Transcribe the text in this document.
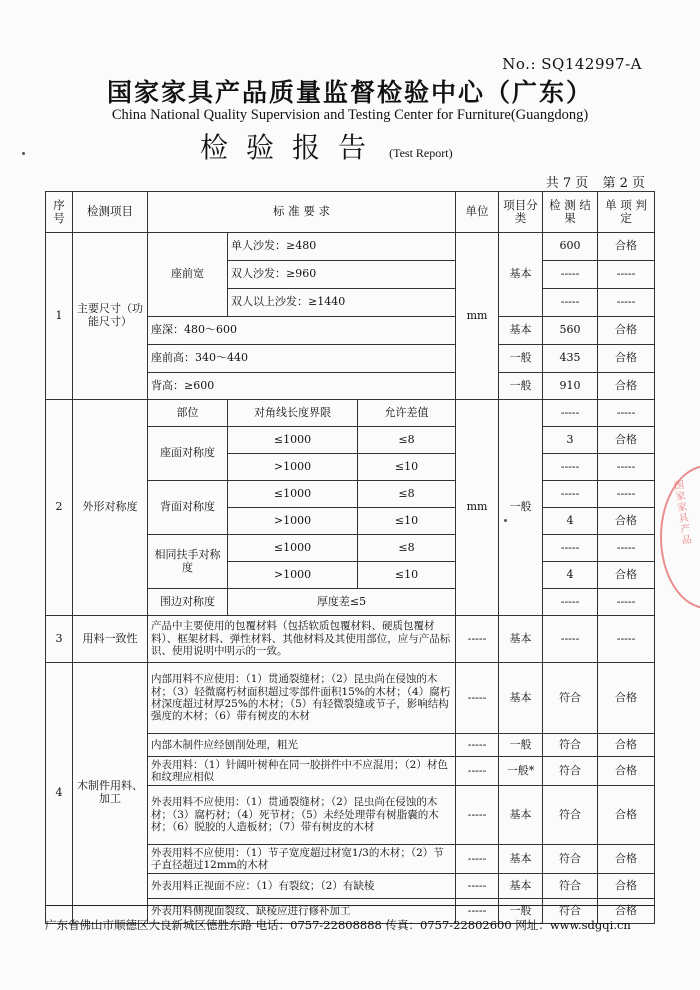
No.: SQ142997-A
国家家具产品质量监督检验中心（广东）
China National Quality Supervision and Testing Center for Furniture(Guangdong)
检验报告 (Test Report)
共 7 页 第 2 页
序号	检测项目	标 准 要 求			单位	项目分类	检 测 结 果	单 项 判 定
1	主要尺寸（功能尺寸）	座前宽	单人沙发：≥480		mm	基本	600	合格
			双人沙发：≥960				-----	-----
			双人以上沙发：≥1440				-----	-----
		座深：480～600				基本	560	合格
		座前高：340～440				一般	435	合格
		背高：≥600				一般	910	合格
2	外形对称度	部位	对角线长度界限	允许差值	mm	一般	-----	-----
		座面对称度	≤1000	≤8			3	合格
			>1000	≤10			-----	-----
		背面对称度	≤1000	≤8			-----	-----
			>1000	≤10			4	合格
		相同扶手对称度	≤1000	≤8			-----	-----
			>1000	≤10			4	合格
		围边对称度	厚度差≤5				-----	-----
3	用料一致性	产品中主要使用的包覆材料（包括软质包覆材料、硬质包覆材料）、框架材料、弹性材料、其他材料及其使用部位，应与产品标识、使用说明中明示的一致。			-----	基本	-----	-----
4	木制件用料、加工	内部用料不应使用：（1）贯通裂缝材；（2）昆虫尚在侵蚀的木材；（3）轻微腐朽材面积超过零部件面积15%的木材；（4）腐朽材深度超过材厚25%的木材；（5）有轻微裂缝或节子，影响结构强度的木材；（6）带有树皮的木材			-----	基本	符合	合格
		内部木制件应经刨削处理，粗光			-----	一般	符合	合格
		外表用料：（1）针阔叶树种在同一胶拼件中不应混用；（2）材色和纹理应相似			-----	一般*	符合	合格
		外表用料不应使用：（1）贯通裂缝材；（2）昆虫尚在侵蚀的木材；（3）腐朽材；（4）死节材；（5）未经处理带有树脂囊的木材；（6）脱胶的人造板材；（7）带有树皮的木材			-----	基本	符合	合格
		外表用料不应使用：（1）节子宽度超过材宽1/3的木材；（2）节子直径超过12mm的木材			-----	基本	符合	合格
		外表用料正视面不应：（1）有裂纹；（2）有缺棱			-----	基本	符合	合格
		外表用料侧视面裂纹、缺棱应进行修补加工			-----	一般	符合	合格
广东省佛山市顺德区大良新城区德胜东路 电话：0757-22808888 传真：0757-22802600 网址：www.sdgqi.cn
国家家具产品
